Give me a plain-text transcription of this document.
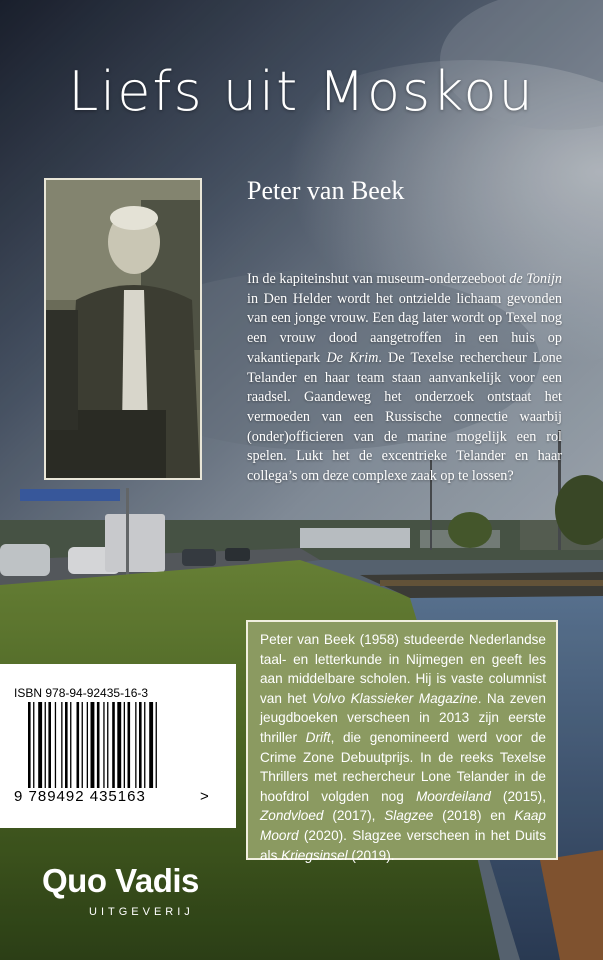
Liefs uit Moskou
Peter van Beek
In de kapiteinshut van museum-onderzeeboot de Tonijn in Den Helder wordt het ontzielde lichaam gevonden van een jonge vrouw. Een dag later wordt op Texel nog een vrouw dood aangetroffen in een huis op vakantiepark De Krim. De Texelse rechercheur Lone Telander en haar team staan aanvankelijk voor een raadsel. Gaandeweg het onderzoek ontstaat het vermoeden van een Russische connectie waarbij (onder)officieren van de marine mogelijk een rol spelen. Lukt het de excentrieke Telander en haar collega’s om deze complexe zaak op te lossen?
Peter van Beek (1958) studeerde Nederlandse taal- en letterkunde in Nijmegen en geeft les aan middelbare scholen. Hij is vaste columnist van het Volvo Klassieker Magazine. Na zeven jeugdboeken verscheen in 2013 zijn eerste thriller Drift, die genomineerd werd voor de Crime Zone Debuutprijs. In de reeks Texelse Thrillers met rechercheur Lone Telander in de hoofdrol volgden nog Moordeiland (2015), Zondvloed (2017), Slagzee (2018) en Kaap Moord (2020). Slagzee verscheen in het Duits als Kriegsinsel (2019).
ISBN 978-94-92435-16-3
9 789492 435163	>
Quo Vadis
UITGEVERIJ
